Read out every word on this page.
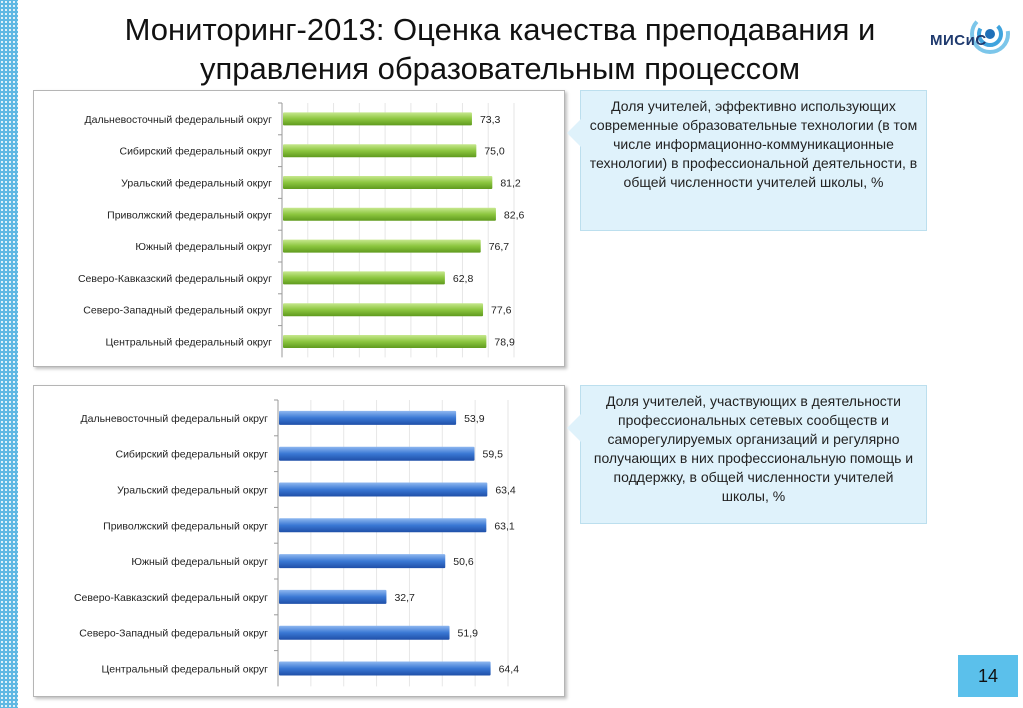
Мониторинг-2013: Оценка качества преподавания и
управления образовательным процессом
МИСиС
Дальневосточный федеральный округ	73,3
Сибирский федеральный округ	75,0
Уральский федеральный округ	81,2
Приволжский федеральный округ	82,6
Южный федеральный округ	76,7
Северо-Кавказский федеральный округ	62,8
Северо-Западный федеральный округ	77,6
Центральный федеральный округ	78,9
Дальневосточный федеральный округ	53,9
Сибирский федеральный округ	59,5
Уральский федеральный округ	63,4
Приволжский федеральный округ	63,1
Южный федеральный округ	50,6
Северо-Кавказский федеральный округ	32,7
Северо-Западный федеральный округ	51,9
Центральный федеральный округ	64,4
Доля учителей, эффективно использующих современные образовательные технологии (в том числе информационно-коммуникационные технологии) в профессиональной деятельности, в общей численности учителей школы, %
Доля учителей, участвующих в деятельности профессиональных сетевых сообществ и саморегулируемых организаций и регулярно получающих в них профессиональную помощь и поддержку, в общей численности учителей школы, %
14
